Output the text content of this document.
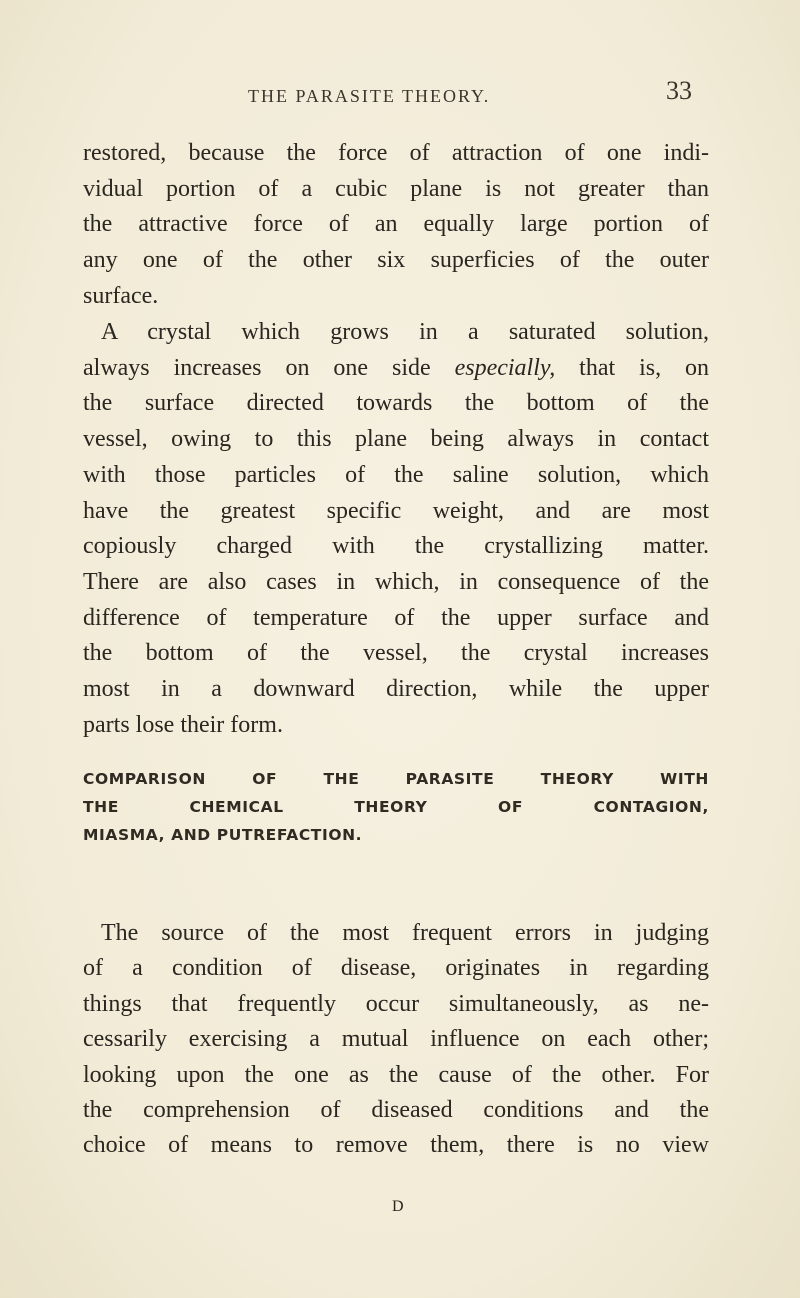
THE PARASITE THEORY.	33
restored, because the force of attraction of one indi-
vidual portion of a cubic plane is not greater than
the attractive force of an equally large portion of
any one of the other six superficies of the outer
surface.
A crystal which grows in a saturated solution,
always increases on one side especially, that is, on
the surface directed towards the bottom of the
vessel, owing to this plane being always in contact
with those particles of the saline solution, which
have the greatest specific weight, and are most
copiously charged with the crystallizing matter.
There are also cases in which, in consequence of the
difference of temperature of the upper surface and
the bottom of the vessel, the crystal increases
most in a downward direction, while the upper
parts lose their form.
COMPARISON OF THE PARASITE THEORY WITH
THE CHEMICAL THEORY OF CONTAGION,
MIASMA, AND PUTREFACTION.
The source of the most frequent errors in judging
of a condition of disease, originates in regarding
things that frequently occur simultaneously, as ne-
cessarily exercising a mutual influence on each other;
looking upon the one as the cause of the other. For
the comprehension of diseased conditions and the
choice of means to remove them, there is no view
D
